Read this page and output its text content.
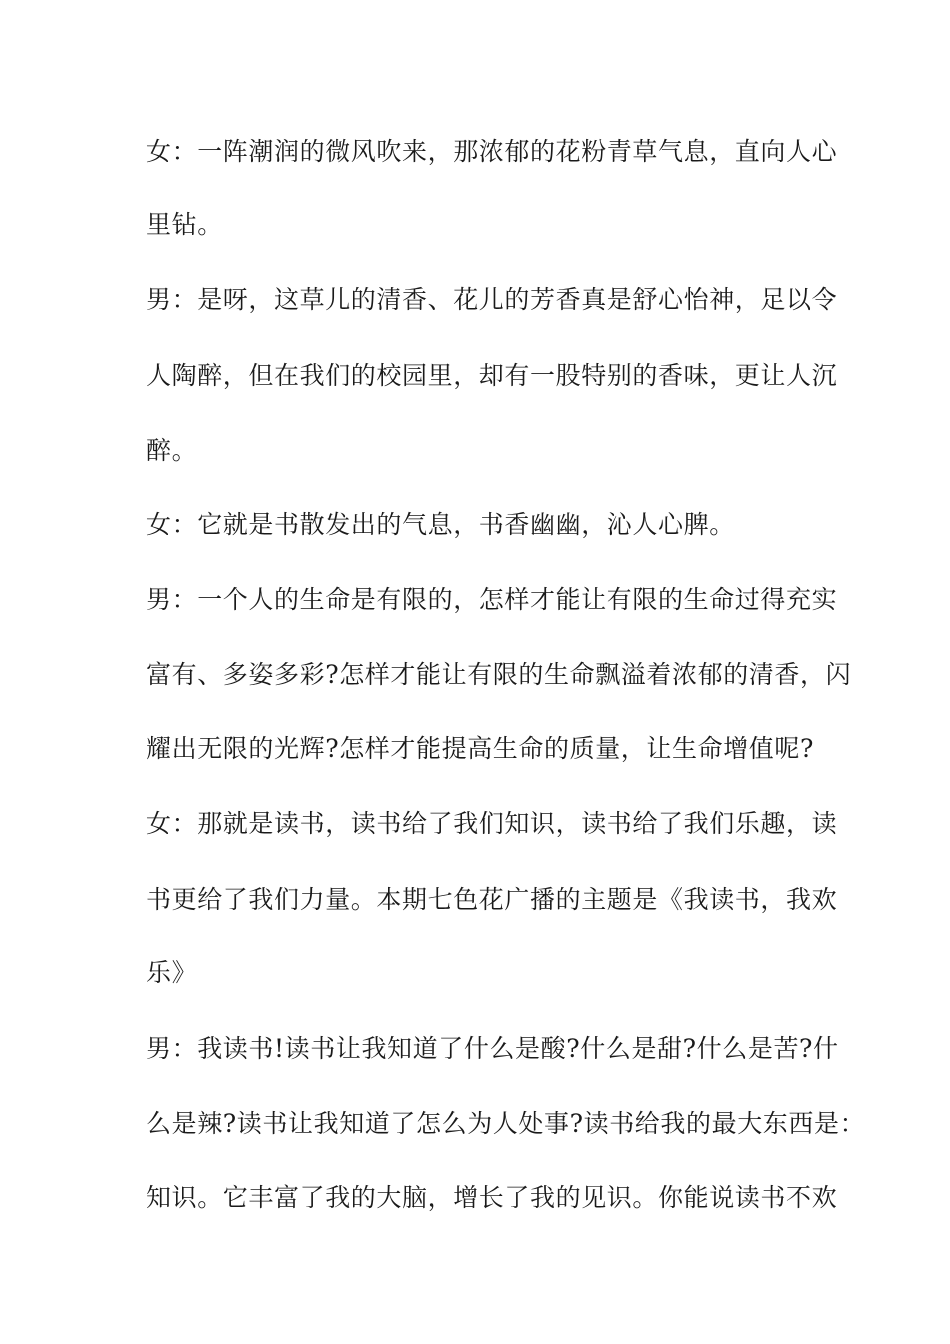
女：一阵潮润的微风吹来，那浓郁的花粉青草气息，直向人心
里钻。
男：是呀，这草儿的清香、花儿的芳香真是舒心怡神，足以令
人陶醉，但在我们的校园里，却有一股特别的香味，更让人沉
醉。
女：它就是书散发出的气息，书香幽幽，沁人心脾。
男：一个人的生命是有限的，怎样才能让有限的生命过得充实
富有、多姿多彩?怎样才能让有限的生命飘溢着浓郁的清香，闪
耀出无限的光辉?怎样才能提高生命的质量，让生命增值呢?
女：那就是读书，读书给了我们知识，读书给了我们乐趣，读
书更给了我们力量。本期七色花广播的主题是《我读书，我欢
乐》
男：我读书!读书让我知道了什么是酸?什么是甜?什么是苦?什
么是辣?读书让我知道了怎么为人处事?读书给我的最大东西是：
知识。它丰富了我的大脑，增长了我的见识。你能说读书不欢
